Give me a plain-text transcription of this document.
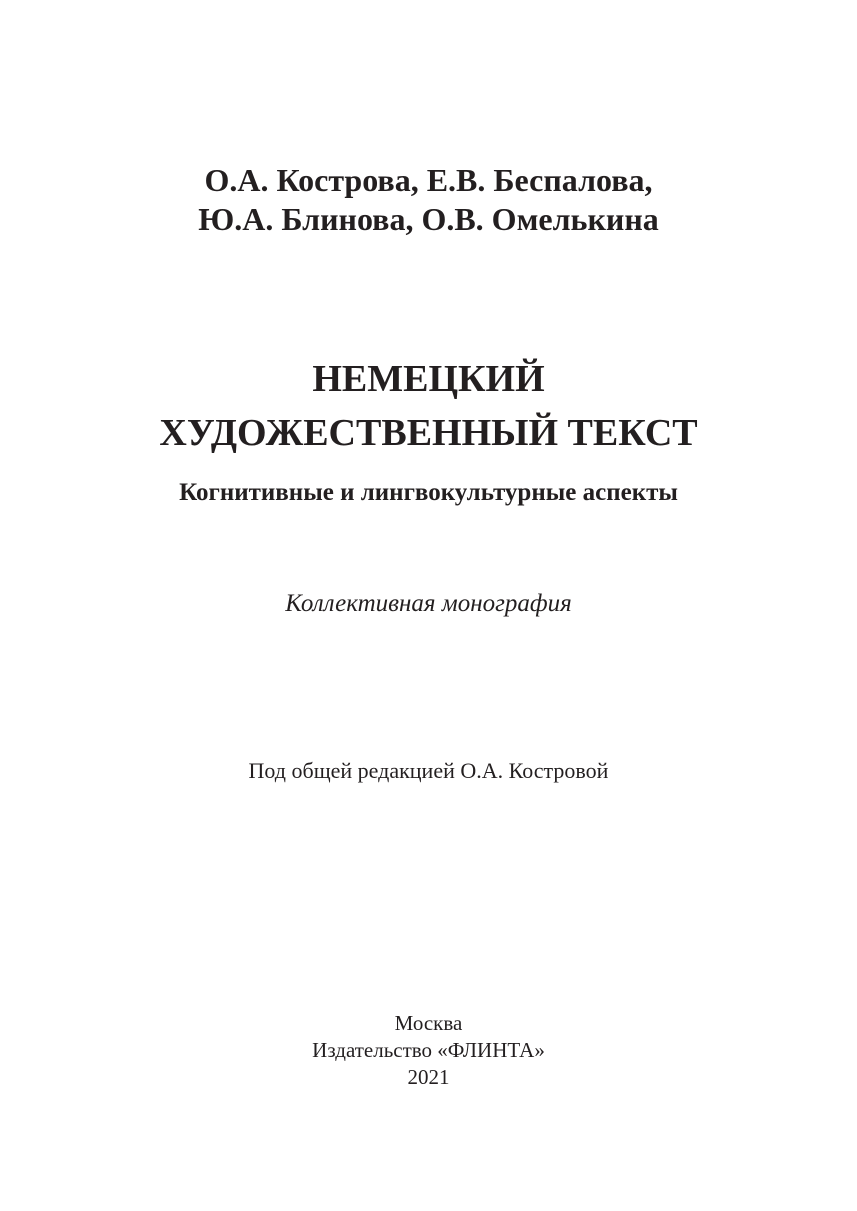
О.А. Кострова, Е.В. Беспалова,
Ю.А. Блинова, О.В. Омелькина
НЕМЕЦКИЙ
ХУДОЖЕСТВЕННЫЙ ТЕКСТ
Когнитивные и лингвокультурные аспекты
Коллективная монография
Под общей редакцией О.А. Костровой
Москва
Издательство «ФЛИНТА»
2021
